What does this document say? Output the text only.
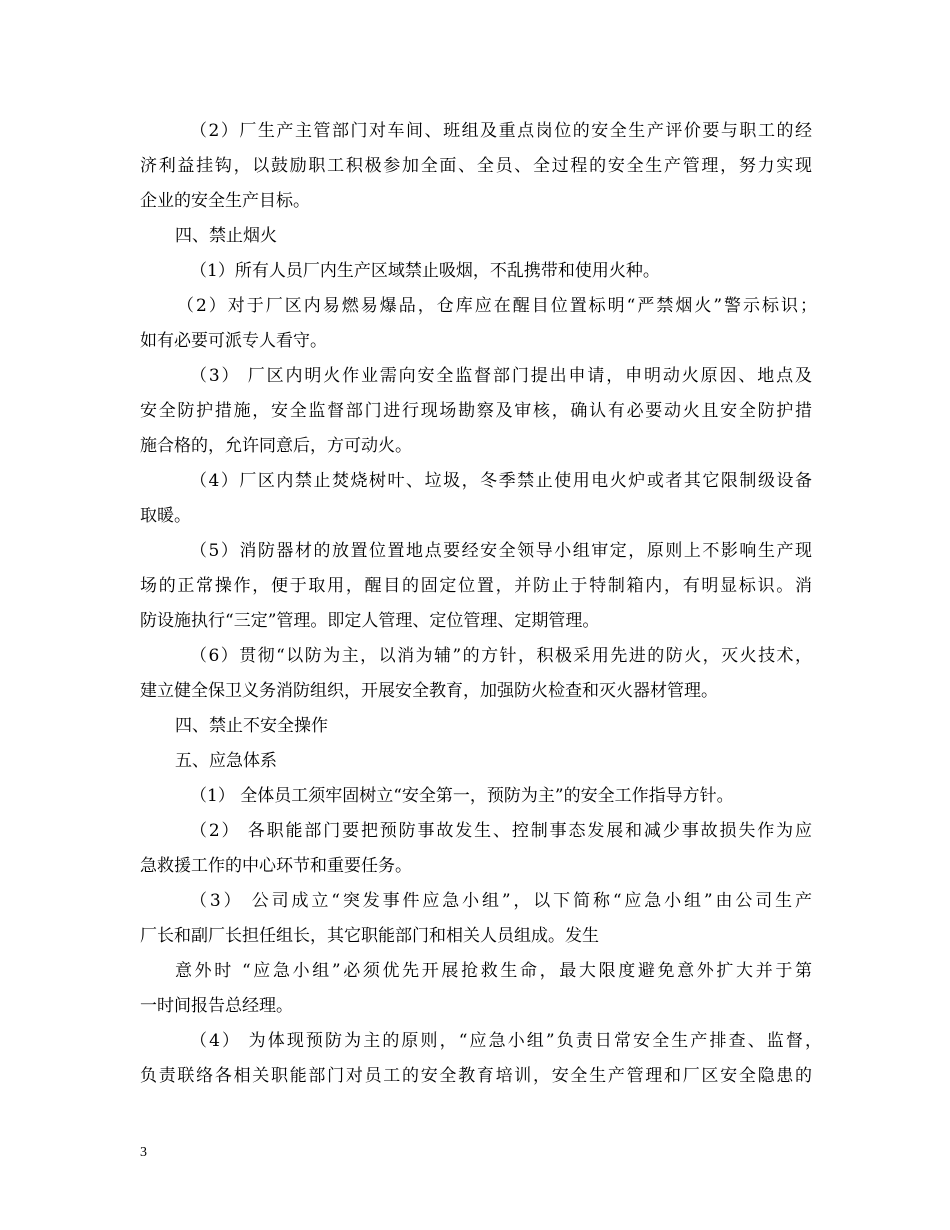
（2）厂生产主管部门对车间、班组及重点岗位的安全生产评价要与职工的经
济利益挂钩，以鼓励职工积极参加全面、全员、全过程的安全生产管理，努力实现
企业的安全生产目标。
四、禁止烟火
（1）所有人员厂内生产区域禁止吸烟，不乱携带和使用火种。
（2）对于厂区内易燃易爆品，仓库应在醒目位置标明“严禁烟火”警示标识；
如有必要可派专人看守。
（3） 厂区内明火作业需向安全监督部门提出申请，申明动火原因、地点及
安全防护措施，安全监督部门进行现场勘察及审核，确认有必要动火且安全防护措
施合格的，允许同意后，方可动火。
（4）厂区内禁止焚烧树叶、垃圾，冬季禁止使用电火炉或者其它限制级设备
取暖。
（5）消防器材的放置位置地点要经安全领导小组审定，原则上不影响生产现
场的正常操作，便于取用，醒目的固定位置，并防止于特制箱内，有明显标识。消
防设施执行“三定”管理。即定人管理、定位管理、定期管理。
（6）贯彻“以防为主，以消为辅”的方针，积极采用先进的防火，灭火技术，
建立健全保卫义务消防组织，开展安全教育，加强防火检查和灭火器材管理。
四、禁止不安全操作
五、应急体系
（1） 全体员工须牢固树立“安全第一，预防为主”的安全工作指导方针。
（2） 各职能部门要把预防事故发生、控制事态发展和减少事故损失作为应
急救援工作的中心环节和重要任务。
（3） 公司成立“突发事件应急小组”，以下简称“应急小组”由公司生产
厂长和副厂长担任组长，其它职能部门和相关人员组成。发生
意外时 “应急小组”必须优先开展抢救生命，最大限度避免意外扩大并于第
一时间报告总经理。
（4） 为体现预防为主的原则，“应急小组”负责日常安全生产排查、监督，
负责联络各相关职能部门对员工的安全教育培训，安全生产管理和厂区安全隐患的
3
